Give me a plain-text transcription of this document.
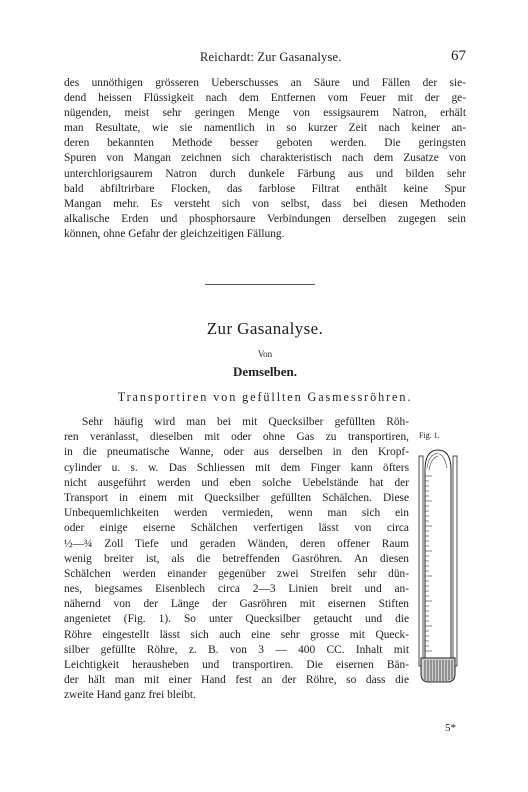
Reichardt: Zur Gasanalyse.	67
des unnöthigen grösseren Ueberschusses an Säure und Fällen der sie-
dend heissen Flüssigkeit nach dem Entfernen vom Feuer mit der ge-
nügenden, meist sehr geringen Menge von essigsaurem Natron, erhält
man Resultate, wie sie namentlich in so kurzer Zeit nach keiner an-
deren bekannten Methode besser geboten werden. Die geringsten
Spuren von Mangan zeichnen sich charakteristisch nach dem Zusatze von
unterchlorigsaurem Natron durch dunkele Färbung aus und bilden sehr
bald abfiltrirbare Flocken, das farblose Filtrat enthält keine Spur
Mangan mehr. Es versteht sich von selbst, dass bei diesen Methoden
alkalische Erden und phosphorsaure Verbindungen derselben zugegen sein
können, ohne Gefahr der gleichzeitigen Fällung.
Zur Gasanalyse.
Von
Demselben.
Transportiren von gefüllten Gasmessröhren.
Sehr häufig wird man bei mit Quecksilber gefüllten Röh-
ren veranlasst, dieselben mit oder ohne Gas zu transportiren,
in die pneumatische Wanne, oder aus derselben in den Kropf-
cylinder u. s. w. Das Schliessen mit dem Finger kann öfters
nicht ausgeführt werden und eben solche Uebelstände hat der
Transport in einem mit Quecksilber gefüllten Schälchen. Diese
Unbequemlichkeiten werden vermieden, wenn man sich ein
oder einige eiserne Schälchen verfertigen lässt von circa
½—¾ Zoll Tiefe und geraden Wänden, deren offener Raum
wenig breiter ist, als die betreffenden Gasröhren. An diesen
Schälchen werden einander gegenüber zwei Streifen sehr dün-
nes, biegsames Eisenblech circa 2—3 Linien breit und an-
nähernd von der Länge der Gasröhren mit eisernen Stiften
angenietet (Fig. 1). So unter Quecksilber getaucht und die
Röhre eingestellt lässt sich auch eine sehr grosse mit Queck-
silber gefüllte Röhre, z. B. von 3 — 400 CC. Inhalt mit
Leichtigkeit herausheben und transportiren. Die eisernen Bän-
der hält man mit einer Hand fest an der Röhre, so dass die
zweite Hand ganz frei bleibt.
Fig. 1.
5*
